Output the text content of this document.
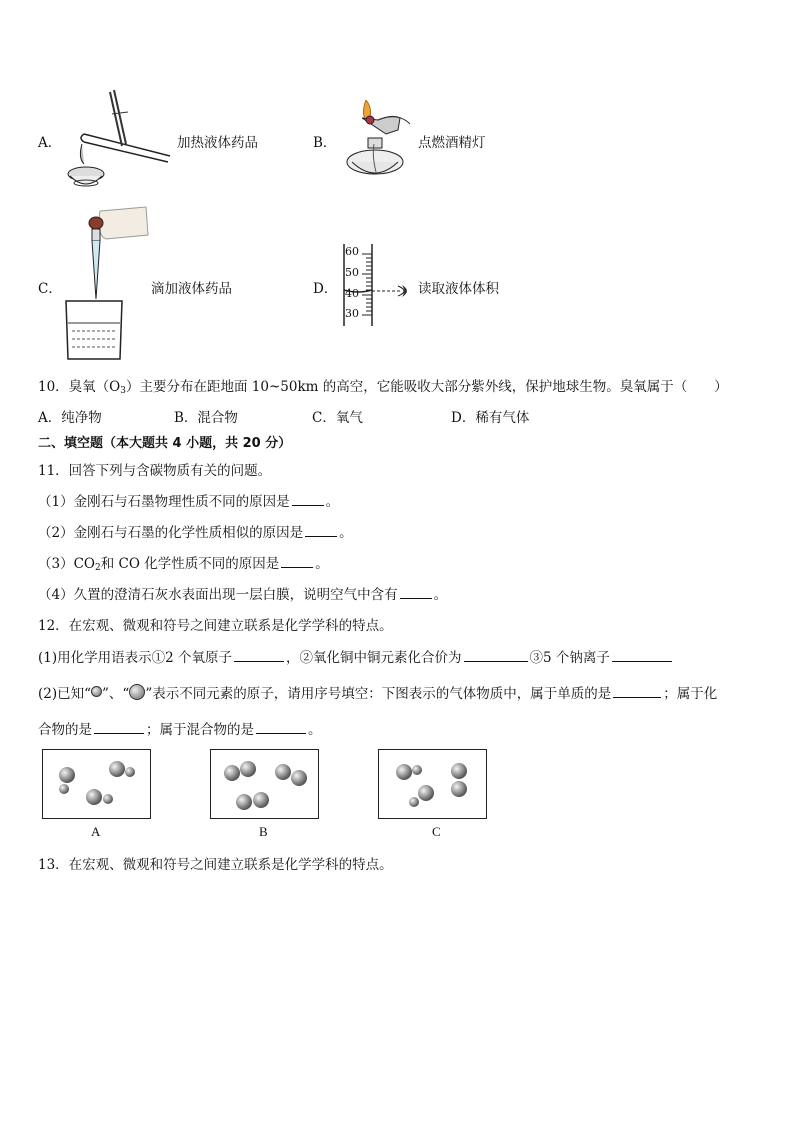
A．	加热液体药品	B．	点燃酒精灯
C．	滴加液体药品	D．
60
50
40
30
读取液体体积
10．臭氧$(O_3)$主要分布在距地面 10~50km 的高空，它能吸收大部分紫外线，保护地球生物。臭氧属于（　　）
A．纯净物	B．混合物	C．氧气	D．稀有气体
二、填空题（本大题共 4 小题，共 20 分）
11．回答下列与含碳物质有关的问题。
（1）金刚石与石墨物理性质不同的原因是	。
（2）金刚石与石墨的化学性质相似的原因是	。
$(3)CO_2$和 CO 化学性质不同的原因是	。
（4）久置的澄清石灰水表面出现一层白膜，说明空气中含有	。
12．在宏观、微观和符号之间建立联系是化学学科的特点。
(1)用化学用语表示①2 个氧原子	，②氧化铜中铜元素化合价为	③5 个钠离子
(2)已知“ ”、“ ”表示不同元素的原子，请用序号填空：下图表示的气体物质中，属于单质的是	；属于化
合物的是	；属于混合物的是	。
A	B	C
13．在宏观、微观和符号之间建立联系是化学学科的特点。
